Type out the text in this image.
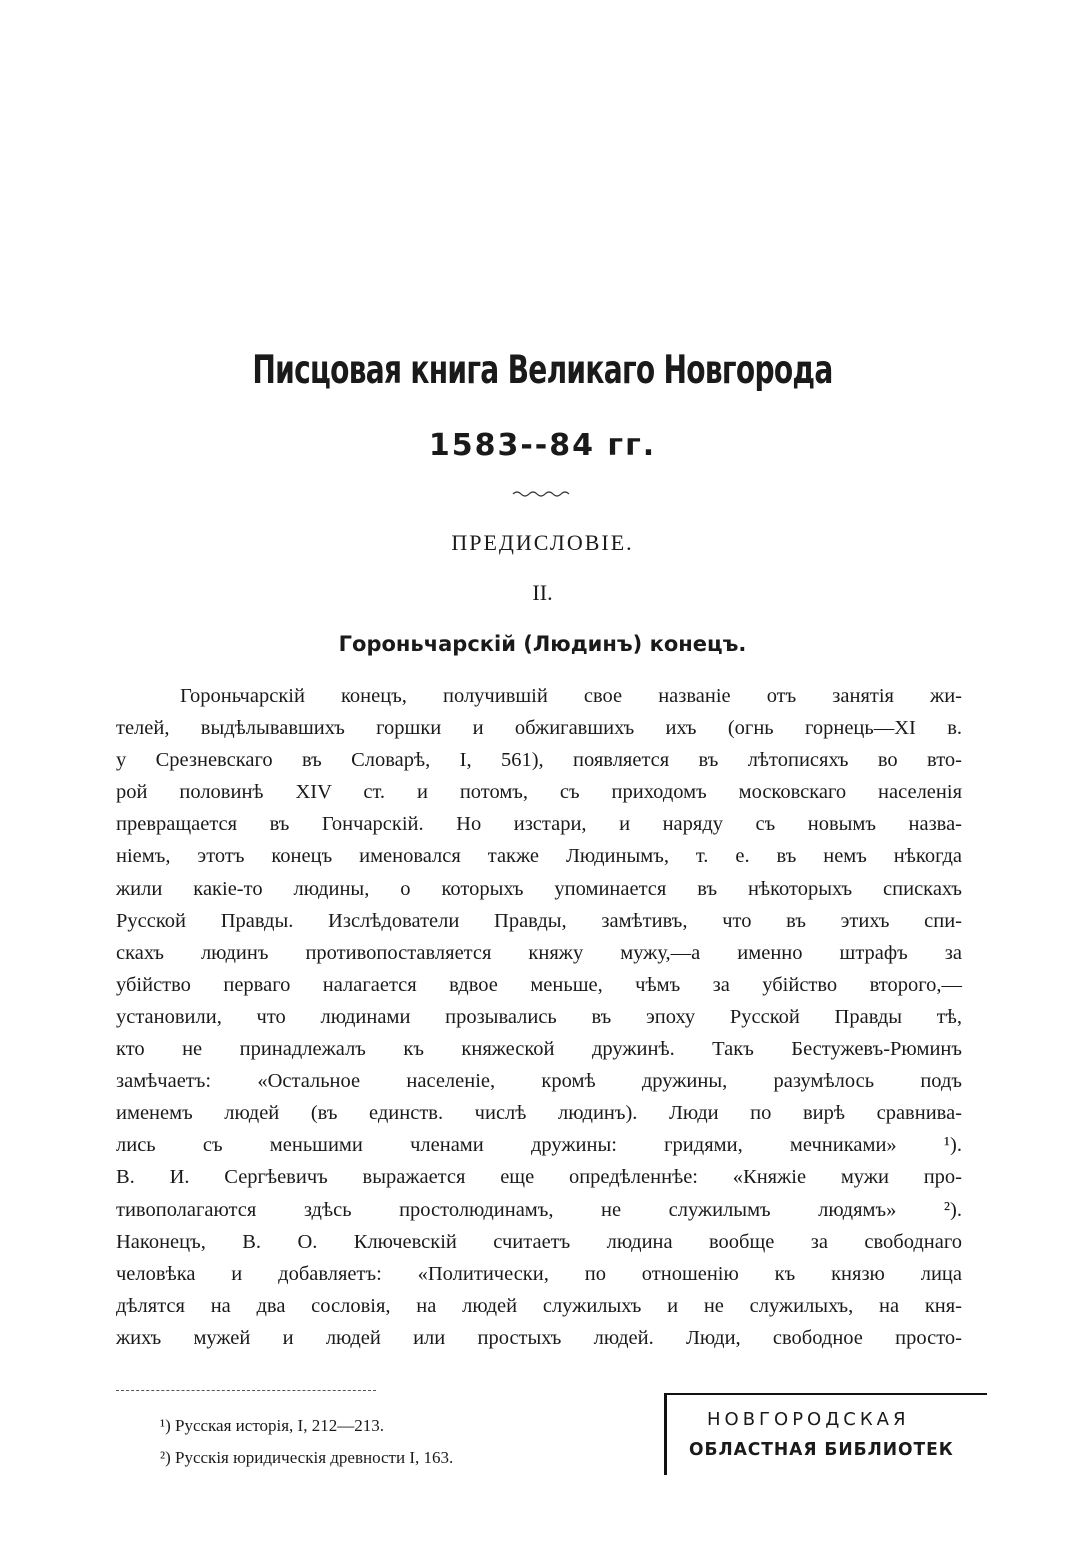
Писцовая книга Великаго Новгорода
1583--84 гг.
ПРЕДИСЛОВІЕ.
II.
Гороньчарскій (Людинъ) конецъ.
Гороньчарскій конецъ, получившій свое названіе отъ занятія жи-
телей, выдѣлывавшихъ горшки и обжигавшихъ ихъ (огнь горнець—XI в.
у Срезневскаго въ Словарѣ, I, 561), появляется въ лѣтописяхъ во вто-
рой половинѣ XIV ст. и потомъ, съ приходомъ московскаго населенія
превращается въ Гончарскій. Но изстари, и наряду съ новымъ назва-
ніемъ, этотъ конецъ именовался также Людинымъ, т. е. въ немъ нѣкогда
жили какіе-то людины, о которыхъ упоминается въ нѣкоторыхъ спискахъ
Русской Правды. Изслѣдователи Правды, замѣтивъ, что въ этихъ спи-
скахъ людинъ противопоставляется княжу мужу,—а именно штрафъ за
убійство перваго налагается вдвое меньше, чѣмъ за убійство второго,—
установили, что людинами прозывались въ эпоху Русской Правды тѣ,
кто не принадлежалъ къ княжеской дружинѣ. Такъ Бестужевъ-Рюминъ
замѣчаетъ: «Остальное населеніе, кромѣ дружины, разумѣлось подъ
именемъ людей (въ единств. числѣ людинъ). Люди по вирѣ сравнива-
лись съ меньшими членами дружины: гридями, мечниками» ¹).
В. И. Сергѣевичъ выражается еще опредѣленнѣе: «Княжіе мужи про-
тивополагаются здѣсь простолюдинамъ, не служилымъ людямъ» ²).
Наконецъ, В. О. Ключевскій считаетъ людина вообще за свободнаго
человѣка и добавляетъ: «Политически, по отношенію къ князю лица
дѣлятся на два сословія, на людей служилыхъ и не служилыхъ, на кня-
жихъ мужей и людей или простыхъ людей. Люди, свободное просто-
¹) Русская исторія, I, 212—213.
²) Русскія юридическія древности I, 163.
НОВГОРОДСКАЯ
ОБЛАСТНАЯ БИБЛИОТЕК
